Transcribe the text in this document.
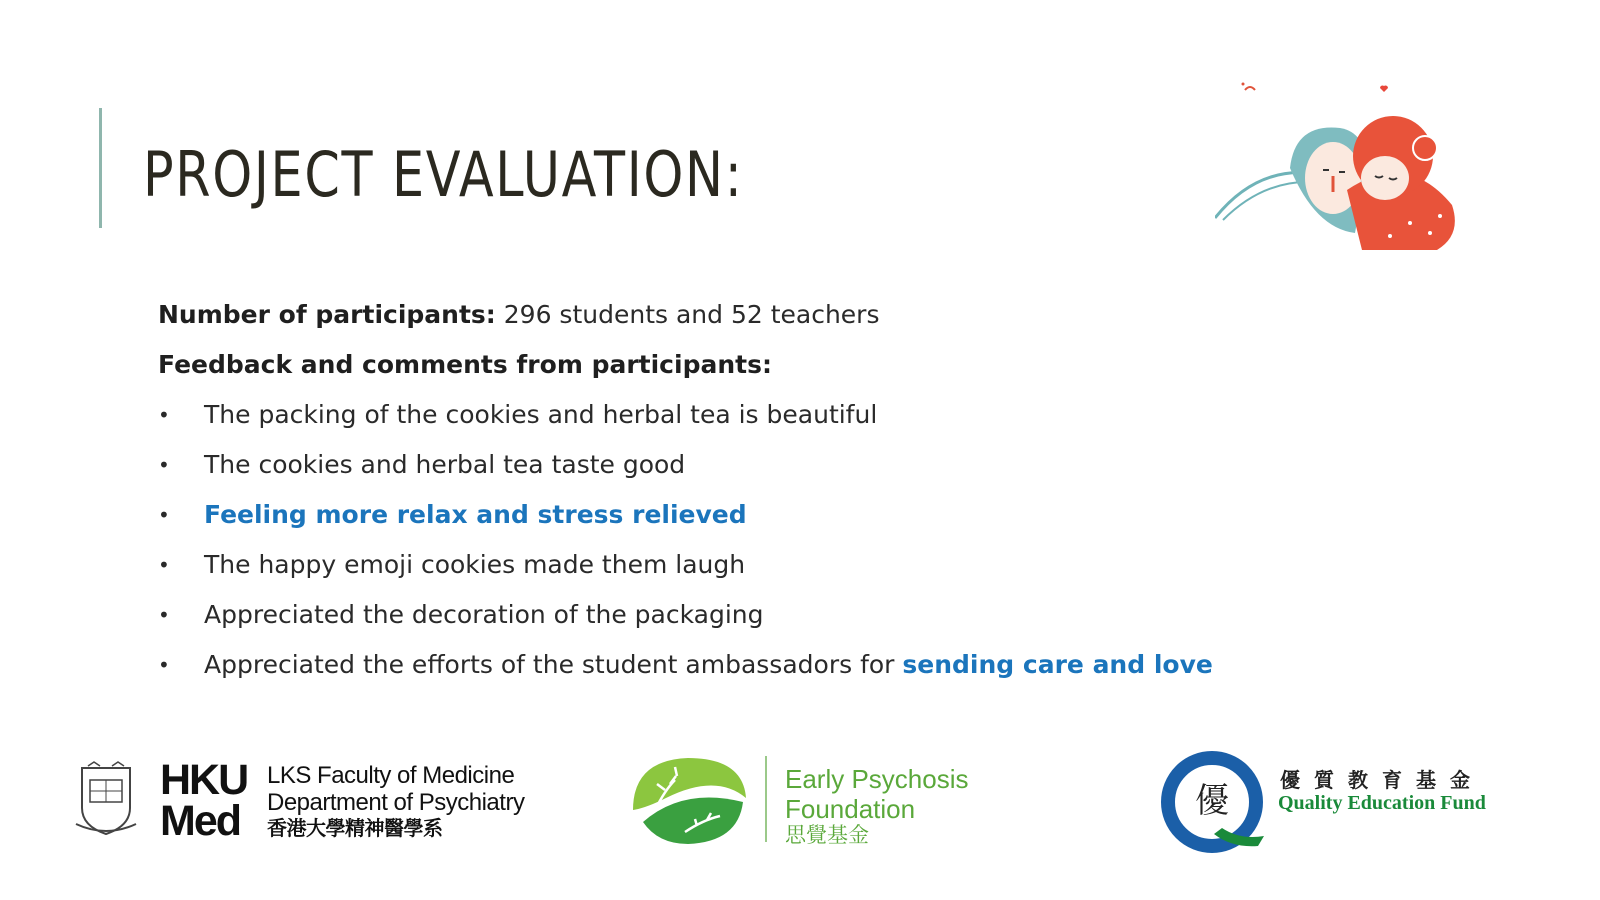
PROJECT EVALUATION:
Number of participants: 296 students and 52 teachers
Feedback and comments from participants:
• The packing of the cookies and herbal tea is beautiful
• The cookies and herbal tea taste good
• Feeling more relax and stress relieved
• The happy emoji cookies made them laugh
• Appreciated the decoration of the packaging
• Appreciated the efforts of the student ambassadors for sending care and love
HKU
Med
LKS Faculty of Medicine
Department of Psychiatry
香港大學精神醫學系
Early Psychosis Foundation
思覺基金
優
優質教育基金
Quality Education Fund
